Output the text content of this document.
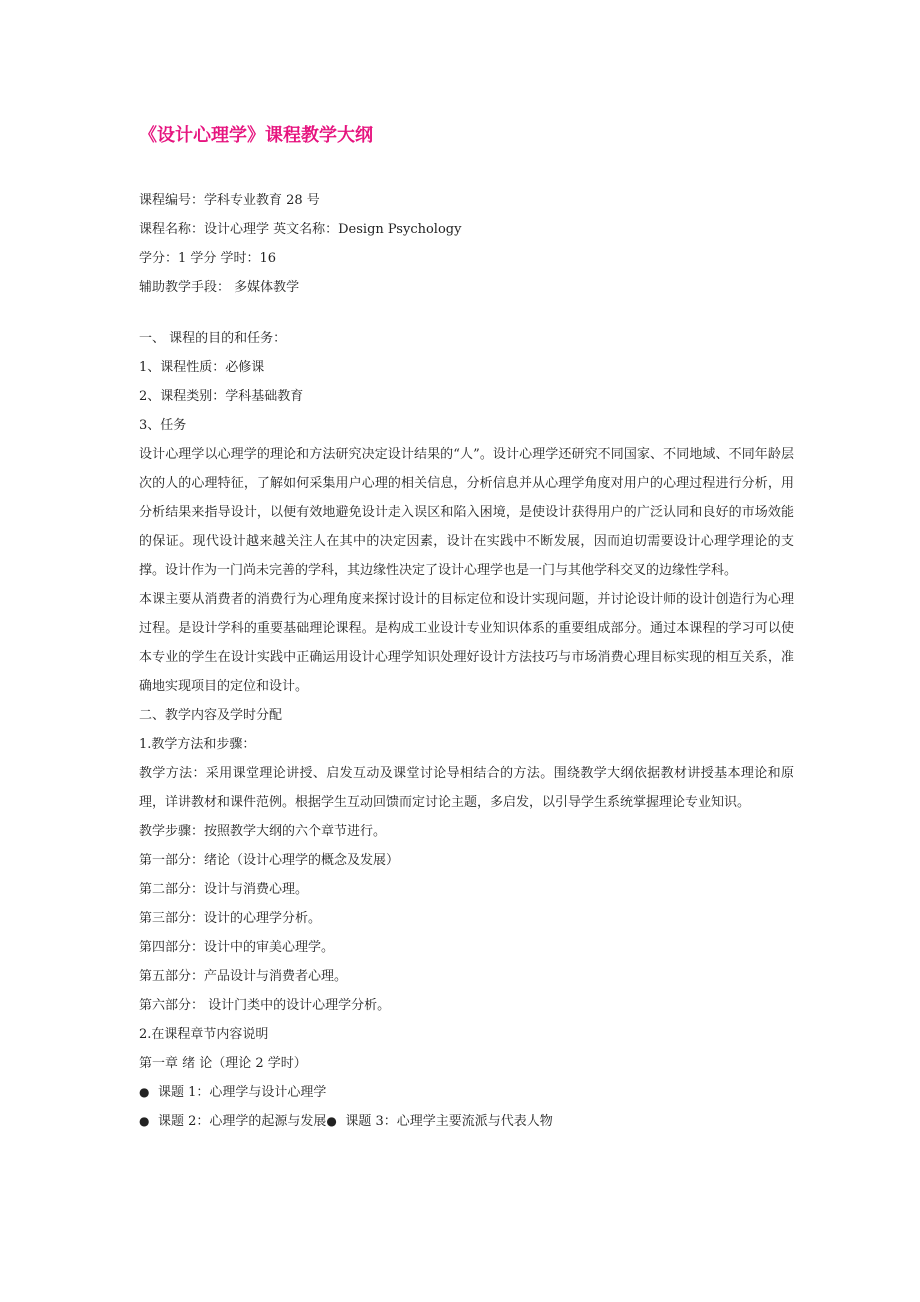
《设计心理学》课程教学大纲

课程编号：学科专业教育 28 号

课程名称：设计心理学 英文名称：Design Psychology

学分：1 学分 学时：16

辅助教学手段： 多媒体教学

一、 课程的目的和任务：

1、课程性质：必修课

2、课程类别：学科基础教育

3、任务

设计心理学以心理学的理论和方法研究决定设计结果的“人”。设计心理学还研究不同国家、不同地域、不同年龄层次的人的心理特征，了解如何采集用户心理的相关信息，分析信息并从心理学角度对用户的心理过程进行分析，用分析结果来指导设计，以便有效地避免设计走入误区和陷入困境，是使设计获得用户的广泛认同和良好的市场效能的保证。现代设计越来越关注人在其中的决定因素，设计在实践中不断发展，因而迫切需要设计心理学理论的支撑。设计作为一门尚未完善的学科，其边缘性决定了设计心理学也是一门与其他学科交叉的边缘性学科。

本课主要从消费者的消费行为心理角度来探讨设计的目标定位和设计实现问题，并讨论设计师的设计创造行为心理过程。是设计学科的重要基础理论课程。是构成工业设计专业知识体系的重要组成部分。通过本课程的学习可以使本专业的学生在设计实践中正确运用设计心理学知识处理好设计方法技巧与市场消费心理目标实现的相互关系，准确地实现项目的定位和设计。

二、教学内容及学时分配

1.教学方法和步骤：

教学方法：采用课堂理论讲授、启发互动及课堂讨论导相结合的方法。围绕教学大纲依据教材讲授基本理论和原理，详讲教材和课件范例。根据学生互动回馈而定讨论主题，多启发，以引导学生系统掌握理论专业知识。

教学步骤：按照教学大纲的六个章节进行。

第一部分：绪论（设计心理学的概念及发展）

第二部分：设计与消费心理。

第三部分：设计的心理学分析。

第四部分：设计中的审美心理学。

第五部分：产品设计与消费者心理。

第六部分： 设计门类中的设计心理学分析。

2.在课程章节内容说明

第一章 绪 论（理论 2 学时）

● 课题 1：心理学与设计心理学

● 课题 2：心理学的起源与发展● 课题 3：心理学主要流派与代表人物
